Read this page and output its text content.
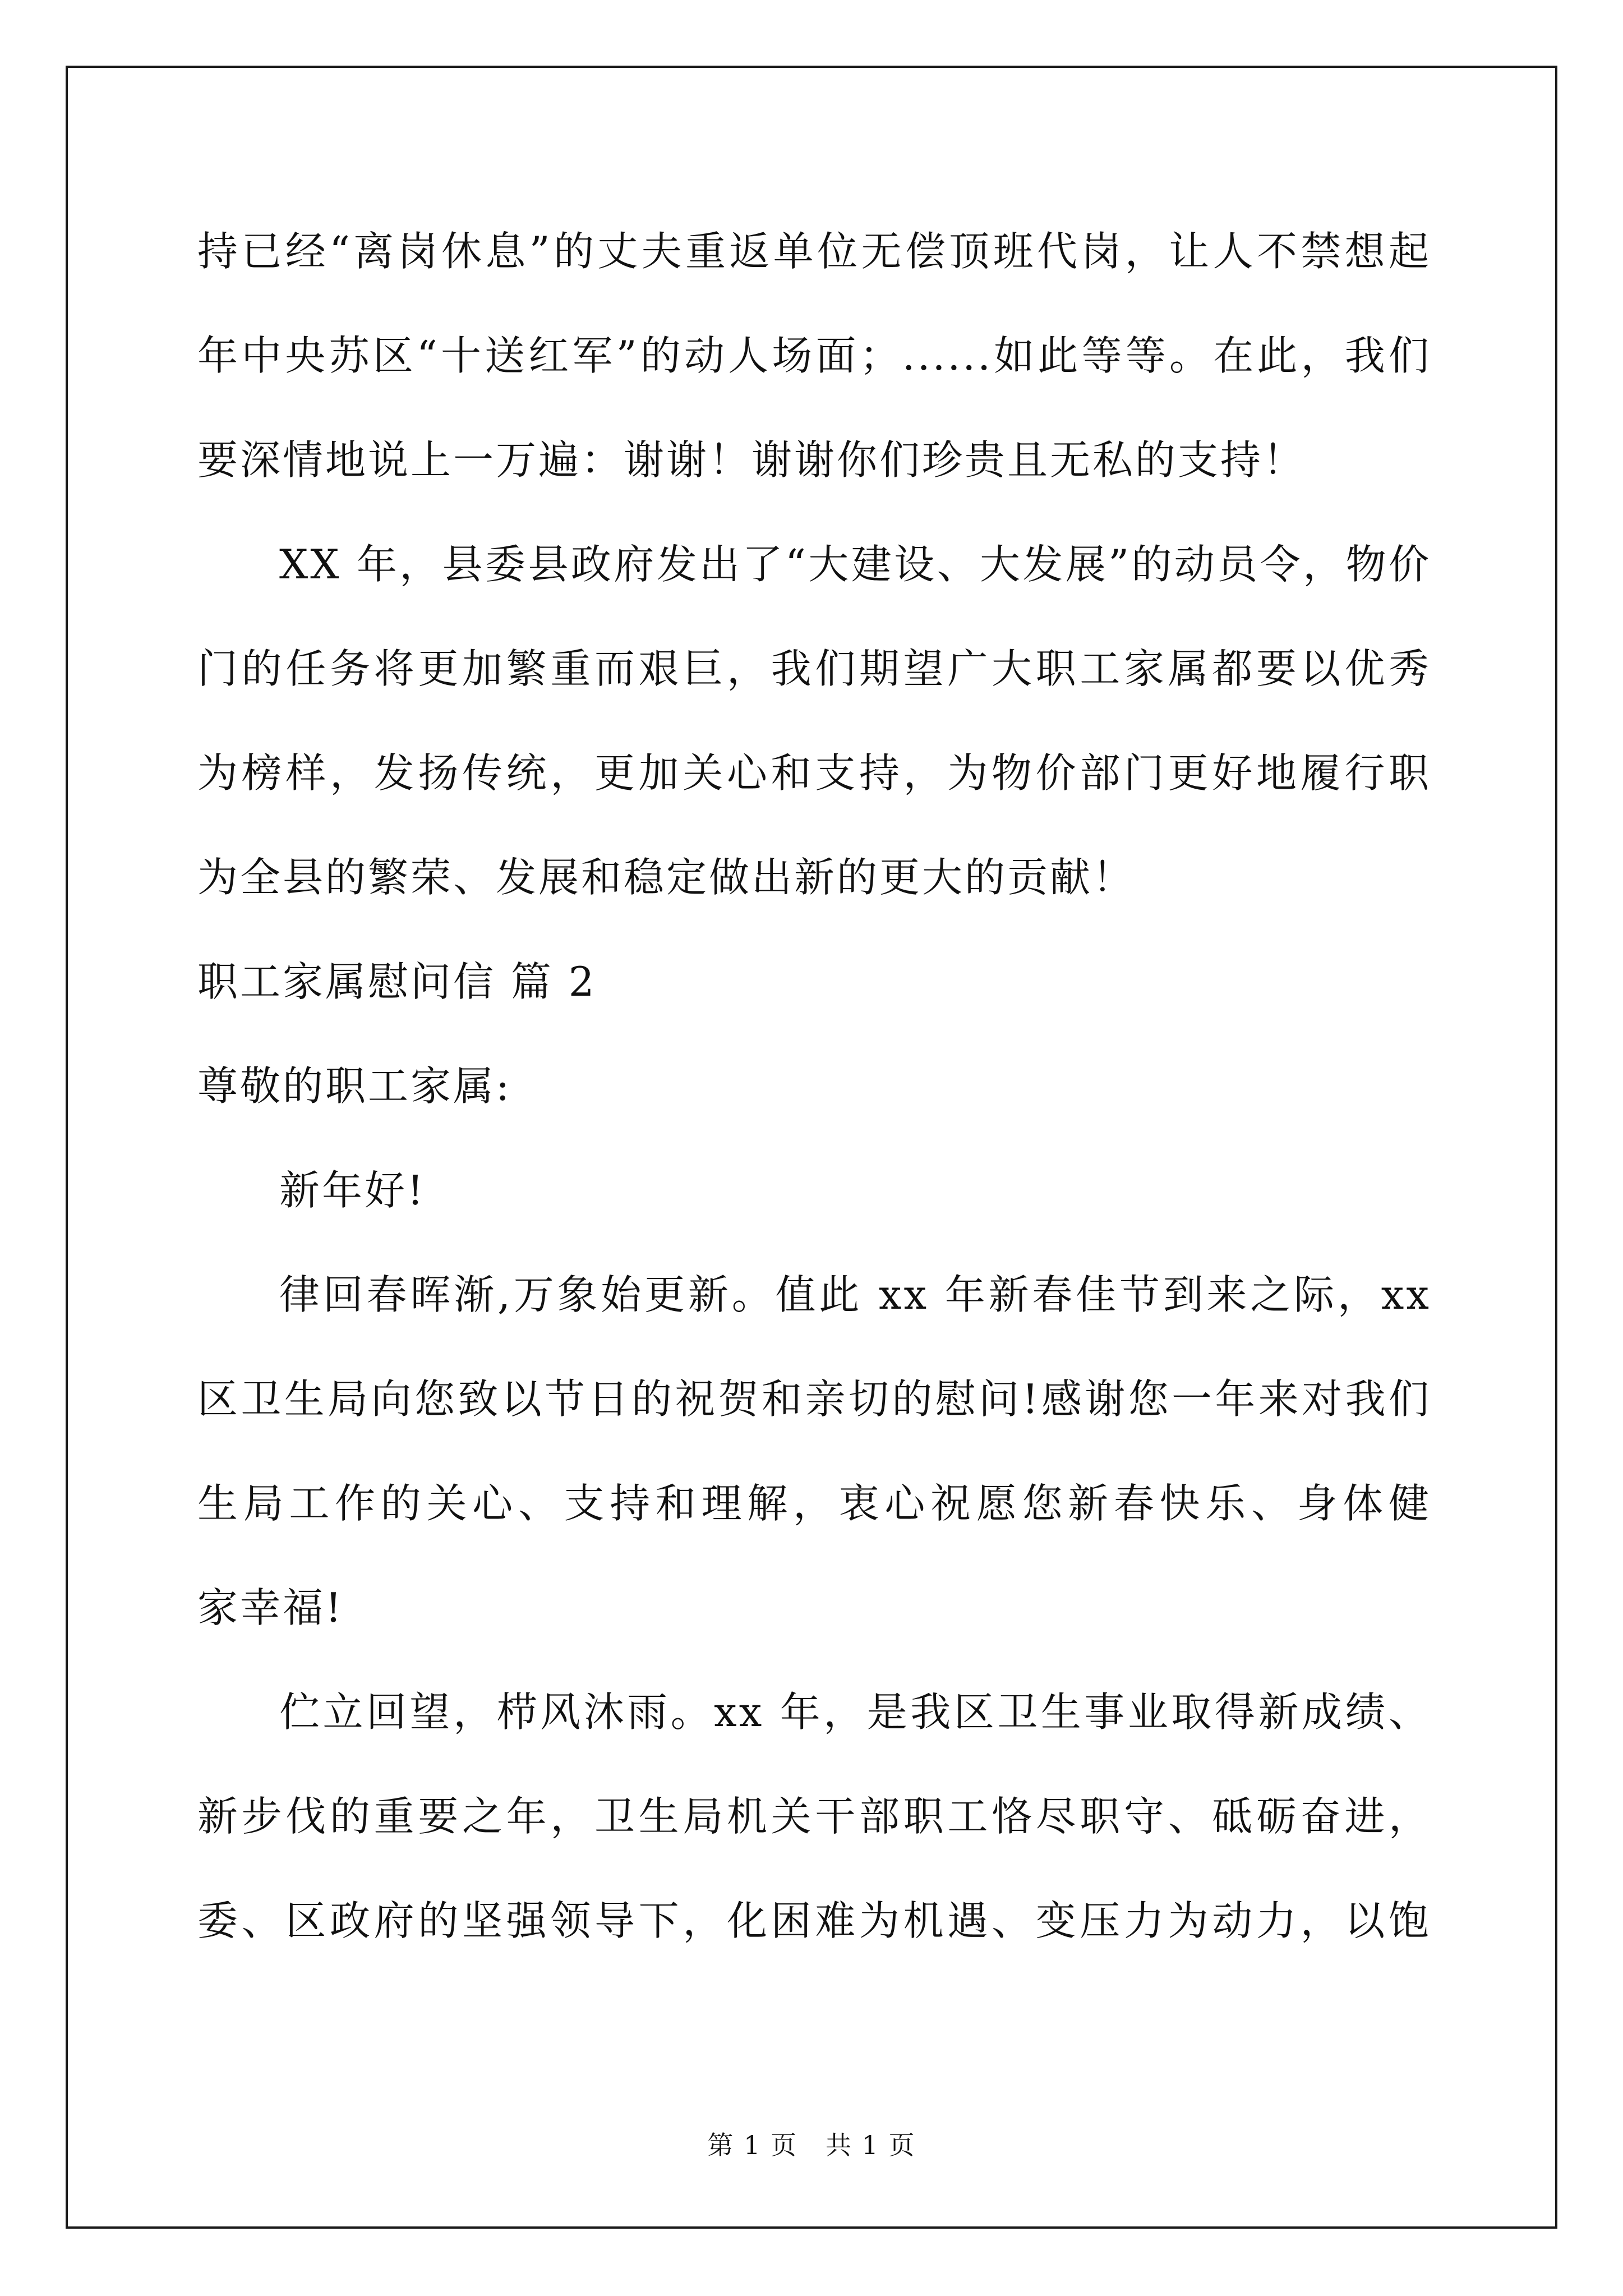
持已经“离岗休息”的丈夫重返单位无偿顶班代岗，让人不禁想起
年中央苏区“十送红军”的动人场面；......如此等等。在此，我们
要深情地说上一万遍：谢谢！谢谢你们珍贵且无私的支持！
XX 年，县委县政府发出了“大建设、大发展”的动员令，物价
门的任务将更加繁重而艰巨，我们期望广大职工家属都要以优秀
为榜样，发扬传统，更加关心和支持，为物价部门更好地履行职
为全县的繁荣、发展和稳定做出新的更大的贡献！
职工家属慰问信 篇 2
尊敬的职工家属:
新年好!
律回春晖渐,万象始更新。值此 xx 年新春佳节到来之际，xx
区卫生局向您致以节日的祝贺和亲切的慰问!感谢您一年来对我们
生局工作的关心、支持和理解，衷心祝愿您新春快乐、身体健
家幸福!
伫立回望，栉风沐雨。xx 年，是我区卫生事业取得新成绩、
新步伐的重要之年，卫生局机关干部职工恪尽职守、砥砺奋进，
委、区政府的坚强领导下，化困难为机遇、变压力为动力，以饱
第 1 页 共 1 页
